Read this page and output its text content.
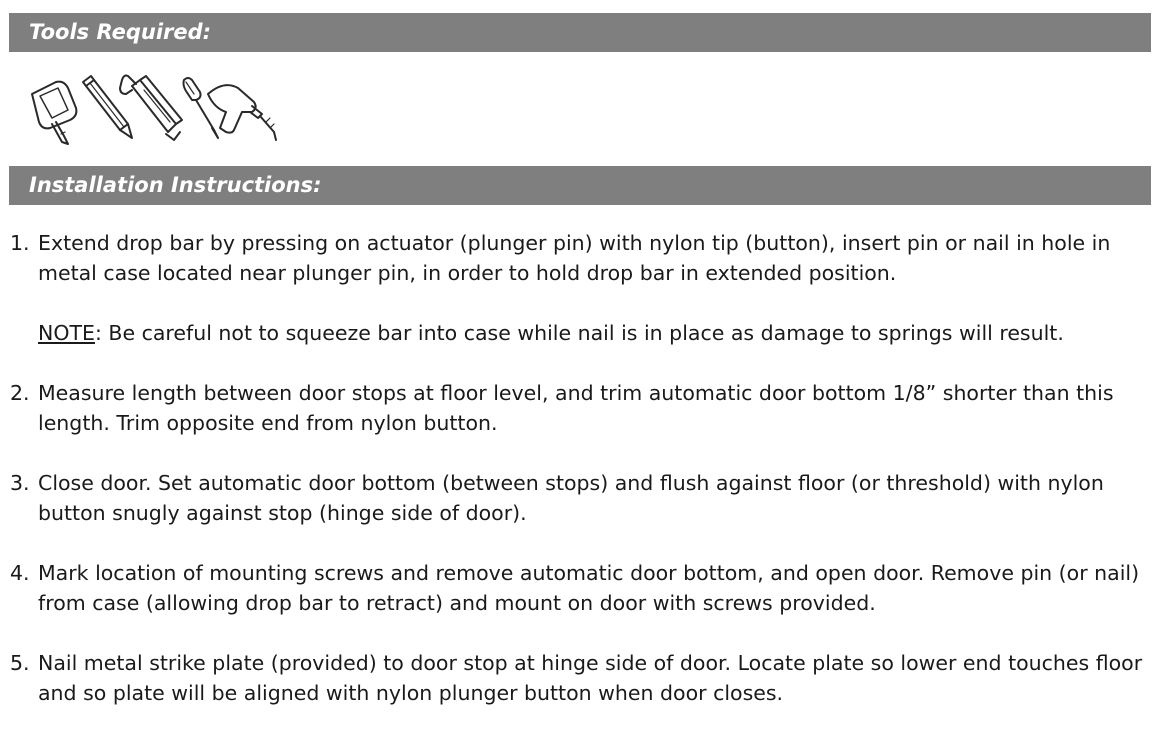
Tools Required:
Installation Instructions:
1. Extend drop bar by pressing on actuator (plunger pin) with nylon tip (button), insert pin or nail in hole in metal case located near plunger pin, in order to hold drop bar in extended position.
NOTE: Be careful not to squeeze bar into case while nail is in place as damage to springs will result.
2. Measure length between door stops at floor level, and trim automatic door bottom 1/8” shorter than this length. Trim opposite end from nylon button.
3. Close door. Set automatic door bottom (between stops) and flush against floor (or threshold) with nylon button snugly against stop (hinge side of door).
4. Mark location of mounting screws and remove automatic door bottom, and open door. Remove pin (or nail) from case (allowing drop bar to retract) and mount on door with screws provided.
5. Nail metal strike plate (provided) to door stop at hinge side of door. Locate plate so lower end touches floor and so plate will be aligned with nylon plunger button when door closes.
